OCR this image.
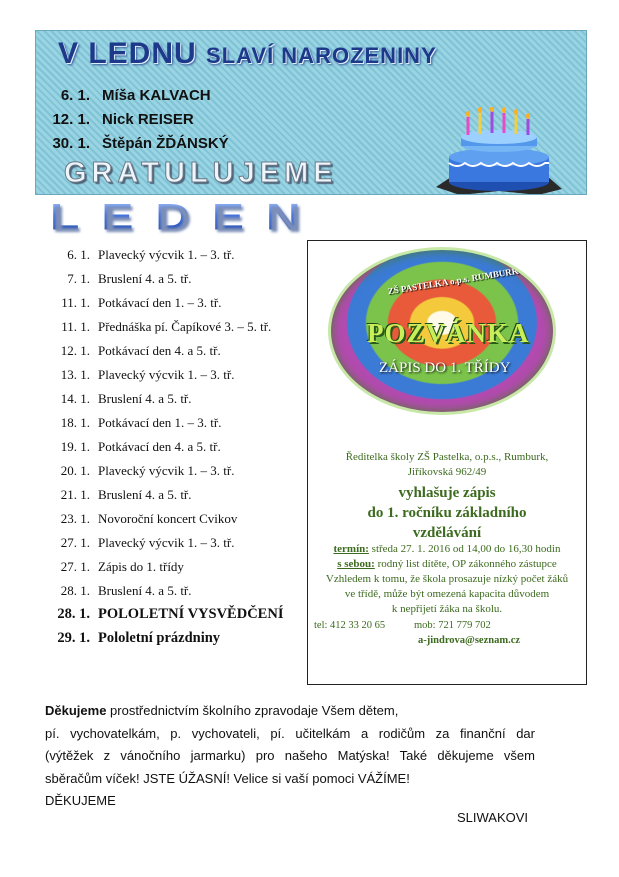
V LEDNU SLAVÍ NAROZENINY
6. 1. Míša KALVACH
12. 1. Nick REISER
30. 1. Štěpán ŽĎÁNSKÝ
GRATULUJEME
LEDEN
6. 1. Plavecký výcvik 1. – 3. tř.
7. 1. Bruslení 4. a 5. tř.
11. 1. Potkávací den 1. – 3. tř.
11. 1. Přednáška pí. Čapíkové 3. – 5. tř.
12. 1. Potkávací den 4. a 5. tř.
13. 1. Plavecký výcvik 1. – 3. tř.
14. 1. Bruslení 4. a 5. tř.
18. 1. Potkávací den 1. – 3. tř.
19. 1. Potkávací den 4. a 5. tř.
20. 1. Plavecký výcvik 1. – 3. tř.
21. 1. Bruslení 4. a 5. tř.
23. 1. Novoroční koncert Cvikov
27. 1. Plavecký výcvik 1. – 3. tř.
27. 1. Zápis do 1. třídy
28. 1. Bruslení 4. a 5. tř.
28. 1. POLOLETNÍ VYSVĚDČENÍ
29. 1. Pololetní prázdniny
ZŠ PASTELKA o.p.s. RUMBURK
POZVÁNKA
ZÁPIS DO 1. TŘÍDY
Ředitelka školy ZŠ Pastelka, o.p.s., Rumburk,
Jiříkovská 962/49
vyhlašuje zápis
do 1. ročníku základního
vzdělávání
termín: středa 27. 1. 2016 od 14,00 do 16,30 hodin
s sebou: rodný list dítěte, OP zákonného zástupce
Vzhledem k tomu, že škola prosazuje nízký počet žáků
ve třídě, může být omezená kapacita důvodem
k nepřijetí žáka na školu.
tel: 412 33 20 65	mob: 721 779 702
a-jindrova@seznam.cz
Děkujeme prostřednictvím školního zpravodaje Všem dětem,
pí. vychovatelkám, p. vychovateli, pí. učitelkám a rodičům za finanční dar
(výtěžek z vánočního jarmarku) pro našeho Matýska! Také děkujeme všem
sběračům víček! JSTE ÚŽASNÍ! Velice si vaší pomoci VÁŽÍME!
DĚKUJEME
SLIWAKOVI
